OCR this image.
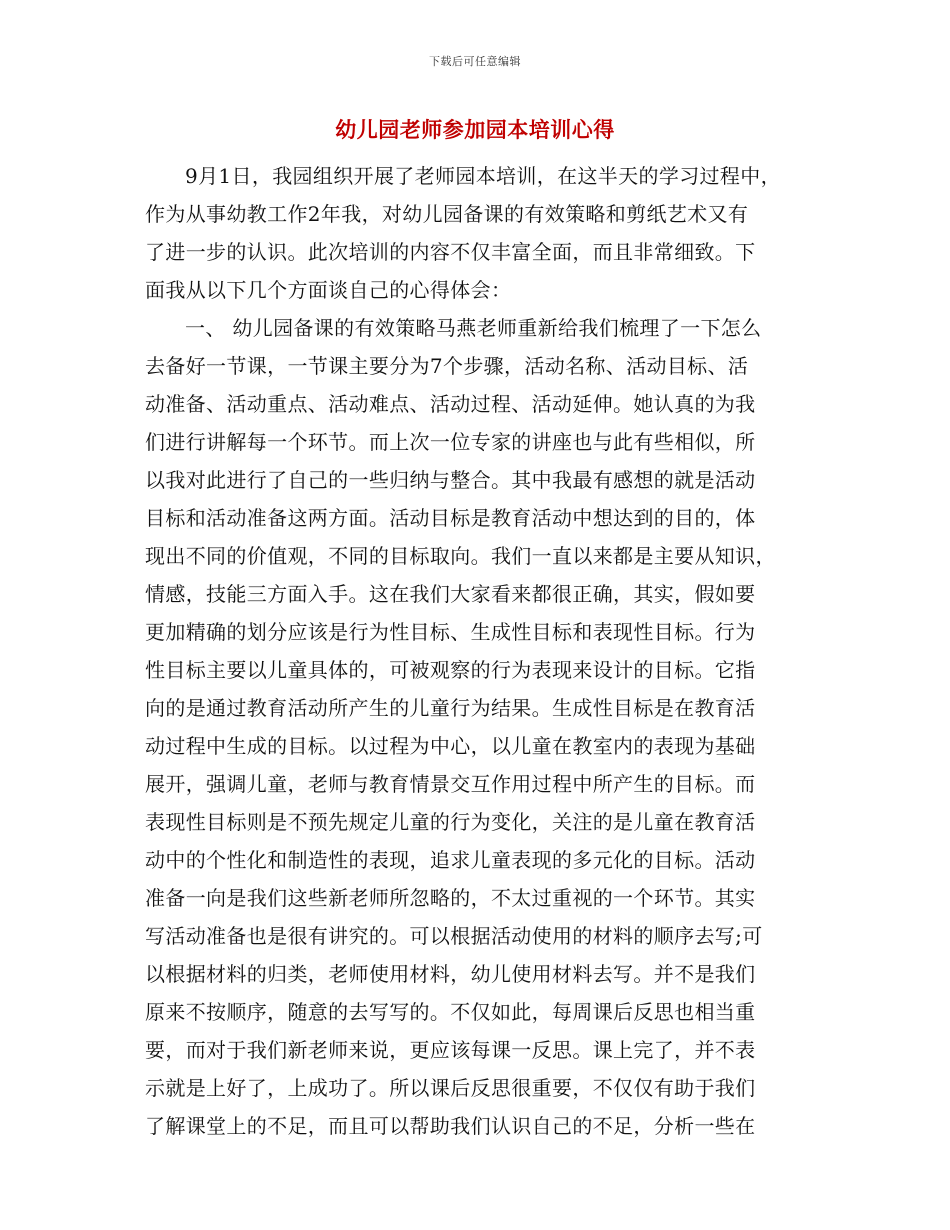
下载后可任意编辑
幼儿园老师参加园本培训心得
9月1日，我园组织开展了老师园本培训，在这半天的学习过程中，
作为从事幼教工作2年我，对幼儿园备课的有效策略和剪纸艺术又有
了进一步的认识。此次培训的内容不仅丰富全面，而且非常细致。下
面我从以下几个方面谈自己的心得体会：
一、 幼儿园备课的有效策略马燕老师重新给我们梳理了一下怎么
去备好一节课，一节课主要分为7个步骤，活动名称、活动目标、活
动准备、活动重点、活动难点、活动过程、活动延伸。她认真的为我
们进行讲解每一个环节。而上次一位专家的讲座也与此有些相似，所
以我对此进行了自己的一些归纳与整合。其中我最有感想的就是活动
目标和活动准备这两方面。活动目标是教育活动中想达到的目的，体
现出不同的价值观，不同的目标取向。我们一直以来都是主要从知识，
情感，技能三方面入手。这在我们大家看来都很正确，其实，假如要
更加精确的划分应该是行为性目标、生成性目标和表现性目标。行为
性目标主要以儿童具体的，可被观察的行为表现来设计的目标。它指
向的是通过教育活动所产生的儿童行为结果。生成性目标是在教育活
动过程中生成的目标。以过程为中心，以儿童在教室内的表现为基础
展开，强调儿童，老师与教育情景交互作用过程中所产生的目标。而
表现性目标则是不预先规定儿童的行为变化，关注的是儿童在教育活
动中的个性化和制造性的表现，追求儿童表现的多元化的目标。活动
准备一向是我们这些新老师所忽略的，不太过重视的一个环节。其实
写活动准备也是很有讲究的。可以根据活动使用的材料的顺序去写;可
以根据材料的归类，老师使用材料，幼儿使用材料去写。并不是我们
原来不按顺序，随意的去写写的。不仅如此，每周课后反思也相当重
要，而对于我们新老师来说，更应该每课一反思。课上完了，并不表
示就是上好了，上成功了。所以课后反思很重要，不仅仅有助于我们
了解课堂上的不足，而且可以帮助我们认识自己的不足，分析一些在
